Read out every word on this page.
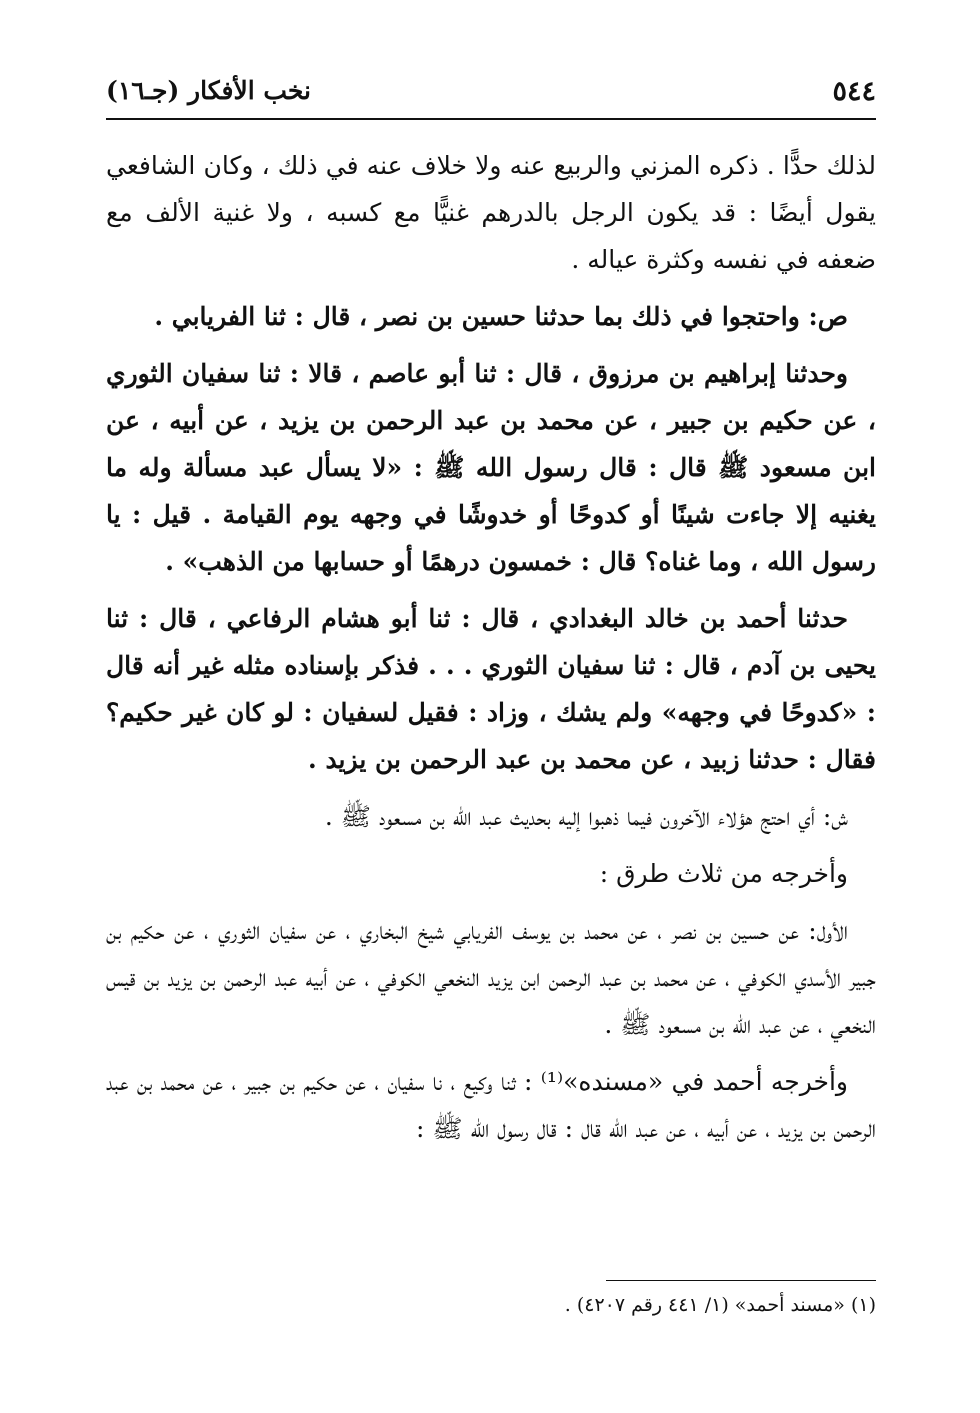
٥٤٤
نخب الأفكار (جـ١٦)

لذلك حدًّا . ذكره المزني والربيع عنه ولا خلاف عنه في ذلك ، وكان الشافعي يقول أيضًا : قد يكون الرجل بالدرهم غنيًّا مع كسبه ، ولا غنية الألف مع ضعفه في نفسه وكثرة عياله .

ص: واحتجوا في ذلك بما حدثنا حسين بن نصر ، قال : ثنا الفريابي .

وحدثنا إبراهيم بن مرزوق ، قال : ثنا أبو عاصم ، قالا : ثنا سفيان الثوري ، عن حكيم بن جبير ، عن محمد بن عبد الرحمن بن يزيد ، عن أبيه ، عن ابن مسعود ﷺ قال : قال رسول الله ﷺ : «لا يسأل عبد مسألة وله ما يغنيه إلا جاءت شينًا أو كدوحًا أو خدوشًا في وجهه يوم القيامة . قيل : يا رسول الله ، وما غناه؟ قال : خمسون درهمًا أو حسابها من الذهب» .

حدثنا أحمد بن خالد البغدادي ، قال : ثنا أبو هشام الرفاعي ، قال : ثنا يحيى بن آدم ، قال : ثنا سفيان الثوري . . . فذكر بإسناده مثله غير أنه قال : «كدوحًا في وجهه» ولم يشك ، وزاد : فقيل لسفيان : لو كان غير حكيم؟ فقال : حدثنا زبيد ، عن محمد بن عبد الرحمن بن يزيد .

ش: أي احتج هؤلاء الآخرون فيما ذهبوا إليه بحديث عبد الله بن مسعود ﷺ .

وأخرجه من ثلاث طرق :

الأول: عن حسين بن نصر ، عن محمد بن يوسف الفريابي شيخ البخاري ، عن سفيان الثوري ، عن حكيم بن جبير الأسدي الكوفي ، عن محمد بن عبد الرحمن ابن يزيد النخعي الكوفي ، عن أبيه عبد الرحمن بن يزيد بن قيس النخعي ، عن عبد الله بن مسعود ﷺ .

وأخرجه أحمد في «مسنده»⁽¹⁾ : ثنا وكيع ، نا سفيان ، عن حكيم بن جبير ، عن محمد بن عبد الرحمن بن يزيد ، عن أبيه ، عن عبد الله قال : قال رسول الله ﷺ :

(١) «مسند أحمد» (١/ ٤٤١ رقم ٤٢٠٧) .
